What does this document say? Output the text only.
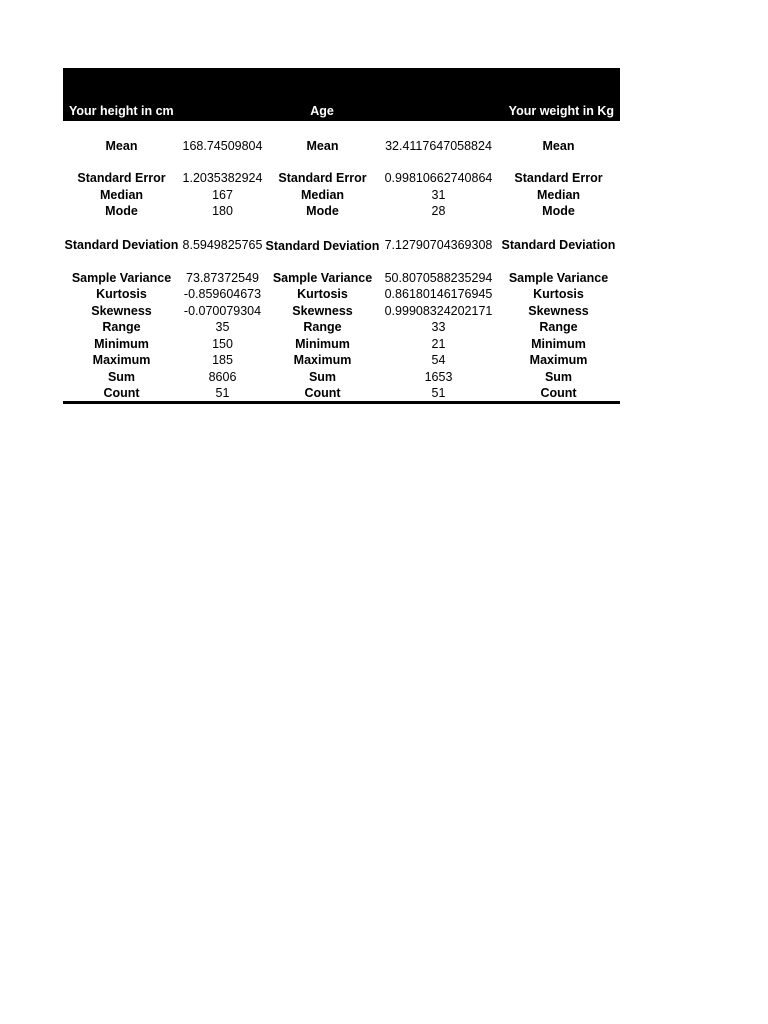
Your height in cm	Age	Your weight in Kg

Mean	168.74509804	Mean	32.4117647058824	Mean

Standard Error	1.2035382924	Standard Error	0.99810662740864	Standard Error
Median	167	Median	31	Median
Mode	180	Mode	28	Mode
Standard Deviation	8.5949825765	Standard Deviation	7.12790704369308	Standard Deviation

Sample Variance	73.87372549	Sample Variance	50.8070588235294	Sample Variance
Kurtosis	-0.859604673	Kurtosis	0.86180146176945	Kurtosis
Skewness	-0.070079304	Skewness	0.99908324202171	Skewness
Range	35	Range	33	Range
Minimum	150	Minimum	21	Minimum
Maximum	185	Maximum	54	Maximum
Sum	8606	Sum	1653	Sum
Count	51	Count	51	Count
